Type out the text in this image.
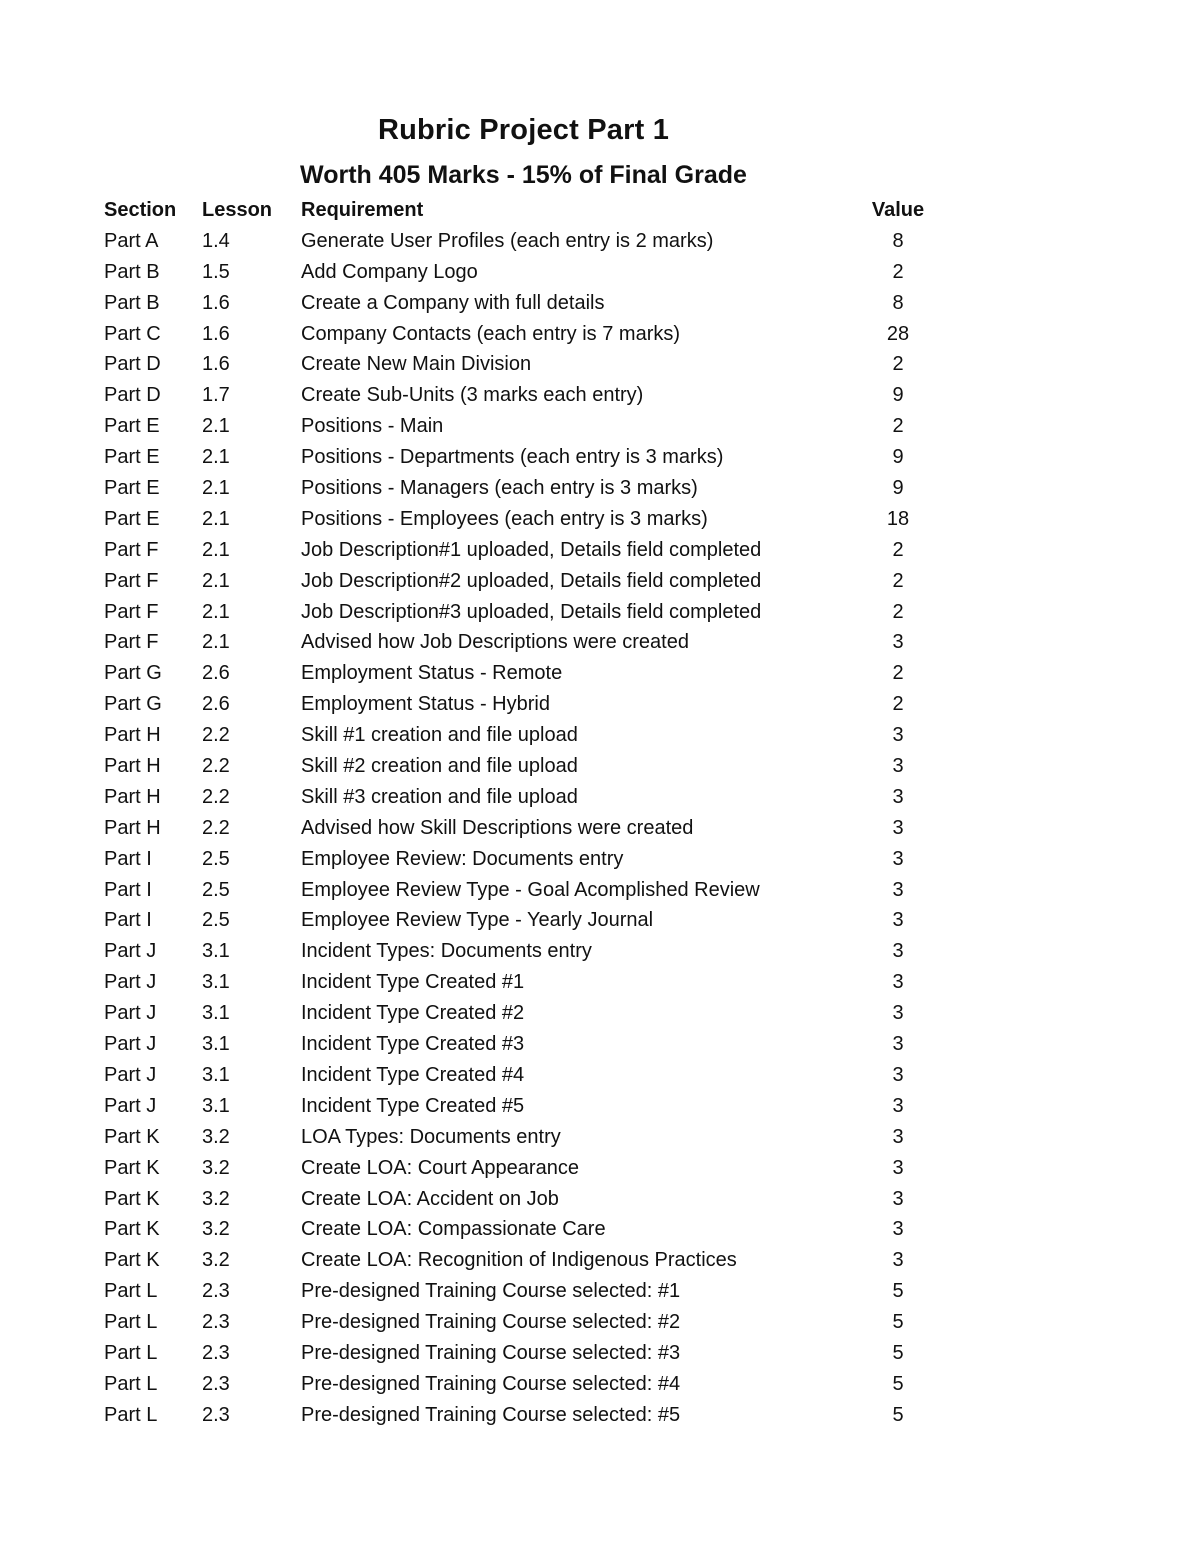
Rubric Project Part 1
Worth 405 Marks - 15% of Final Grade
Section Lesson Requirement	Value
Part A 1.4	Generate User Profiles (each entry is 2 marks)	8
Part B 1.5	Add Company Logo	2
Part B 1.6	Create a Company with full details	8
Part C 1.6	Company Contacts (each entry is 7 marks)	28
Part D 1.6	Create New Main Division	2
Part D 1.7	Create Sub-Units (3 marks each entry)	9
Part E 2.1	Positions - Main	2
Part E 2.1	Positions - Departments (each entry is 3 marks)	9
Part E 2.1	Positions - Managers (each entry is 3 marks)	9
Part E 2.1	Positions - Employees (each entry is 3 marks)	18
Part F 2.1	Job Description#1 uploaded, Details field completed	2
Part F 2.1	Job Description#2 uploaded, Details field completed	2
Part F 2.1	Job Description#3 uploaded, Details field completed	2
Part F 2.1	Advised how Job Descriptions were created	3
Part G 2.6	Employment Status - Remote	2
Part G 2.6	Employment Status - Hybrid	2
Part H 2.2	Skill #1 creation and file upload	3
Part H 2.2	Skill #2 creation and file upload	3
Part H 2.2	Skill #3 creation and file upload	3
Part H 2.2	Advised how Skill Descriptions were created	3
Part I	2.5	Employee Review: Documents entry	3
Part I	2.5	Employee Review Type - Goal Acomplished Review	3
Part I	2.5	Employee Review Type - Yearly Journal	3
Part J 3.1	Incident Types: Documents entry	3
Part J 3.1	Incident Type Created #1	3
Part J 3.1	Incident Type Created #2	3
Part J 3.1	Incident Type Created #3	3
Part J 3.1	Incident Type Created #4	3
Part J 3.1	Incident Type Created #5	3
Part K 3.2	LOA Types: Documents entry	3
Part K 3.2	Create LOA: Court Appearance	3
Part K 3.2	Create LOA: Accident on Job	3
Part K 3.2	Create LOA: Compassionate Care	3
Part K 3.2	Create LOA: Recognition of Indigenous Practices	3
Part L 2.3	Pre-designed Training Course selected: #1	5
Part L 2.3	Pre-designed Training Course selected: #2	5
Part L 2.3	Pre-designed Training Course selected: #3	5
Part L 2.3	Pre-designed Training Course selected: #4	5
Part L 2.3	Pre-designed Training Course selected: #5	5
